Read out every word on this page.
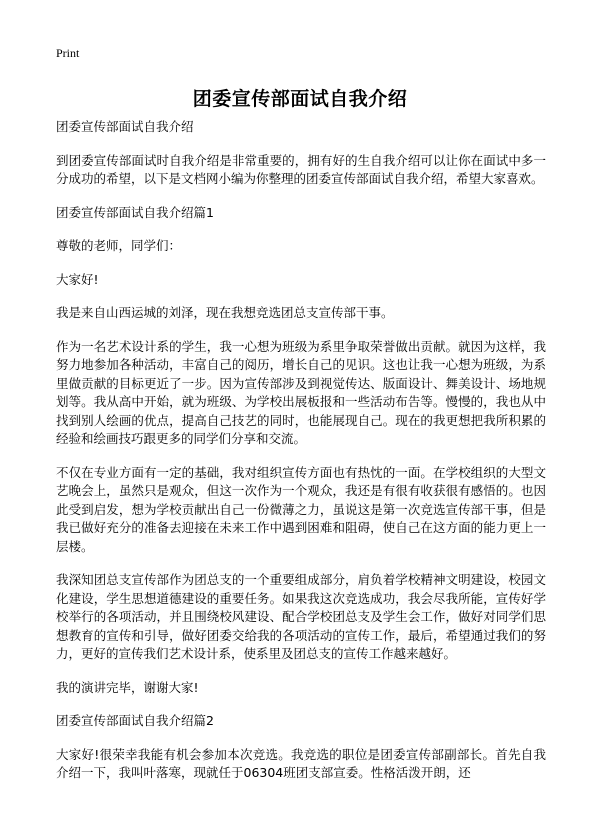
Print
团委宣传部面试自我介绍

团委宣传部面试自我介绍

到团委宣传部面试时自我介绍是非常重要的，拥有好的生自我介绍可以让你在面试中多一分成功的希望，以下是文档网小编为你整理的团委宣传部面试自我介绍，希望大家喜欢。

团委宣传部面试自我介绍篇1

尊敬的老师，同学们：

大家好!

我是来自山西运城的刘泽，现在我想竞选团总支宣传部干事。

作为一名艺术设计系的学生，我一心想为班级为系里争取荣誉做出贡献。就因为这样，我努力地参加各种活动，丰富自己的阅历，增长自己的见识。这也让我一心想为班级，为系里做贡献的目标更近了一步。因为宣传部涉及到视觉传达、版面设计、舞美设计、场地规划等。我从高中开始，就为班级、为学校出展板报和一些活动布告等。慢慢的，我也从中找到别人绘画的优点，提高自己技艺的同时，也能展现自己。现在的我更想把我所积累的经验和绘画技巧跟更多的同学们分享和交流。

不仅在专业方面有一定的基础，我对组织宣传方面也有热忱的一面。在学校组织的大型文艺晚会上，虽然只是观众，但这一次作为一个观众，我还是有很有收获很有感悟的。也因此受到启发，想为学校贡献出自己一份微薄之力，虽说这是第一次竞选宣传部干事，但是我已做好充分的准备去迎接在未来工作中遇到困难和阻碍，使自己在这方面的能力更上一层楼。

我深知团总支宣传部作为团总支的一个重要组成部分，肩负着学校精神文明建设，校园文化建设，学生思想道德建设的重要任务。如果我这次竞选成功，我会尽我所能，宣传好学校举行的各项活动，并且围绕校风建设、配合学校团总支及学生会工作，做好对同学们思想教育的宣传和引导，做好团委交给我的各项活动的宣传工作，最后，希望通过我们的努力，更好的宣传我们艺术设计系，使系里及团总支的宣传工作越来越好。

我的演讲完毕，谢谢大家!

团委宣传部面试自我介绍篇2

大家好!很荣幸我能有机会参加本次竞选。我竞选的职位是团委宣传部副部长。首先自我介绍一下，我叫叶落寒，现就任于06304班团支部宣委。性格活泼开朗，还
